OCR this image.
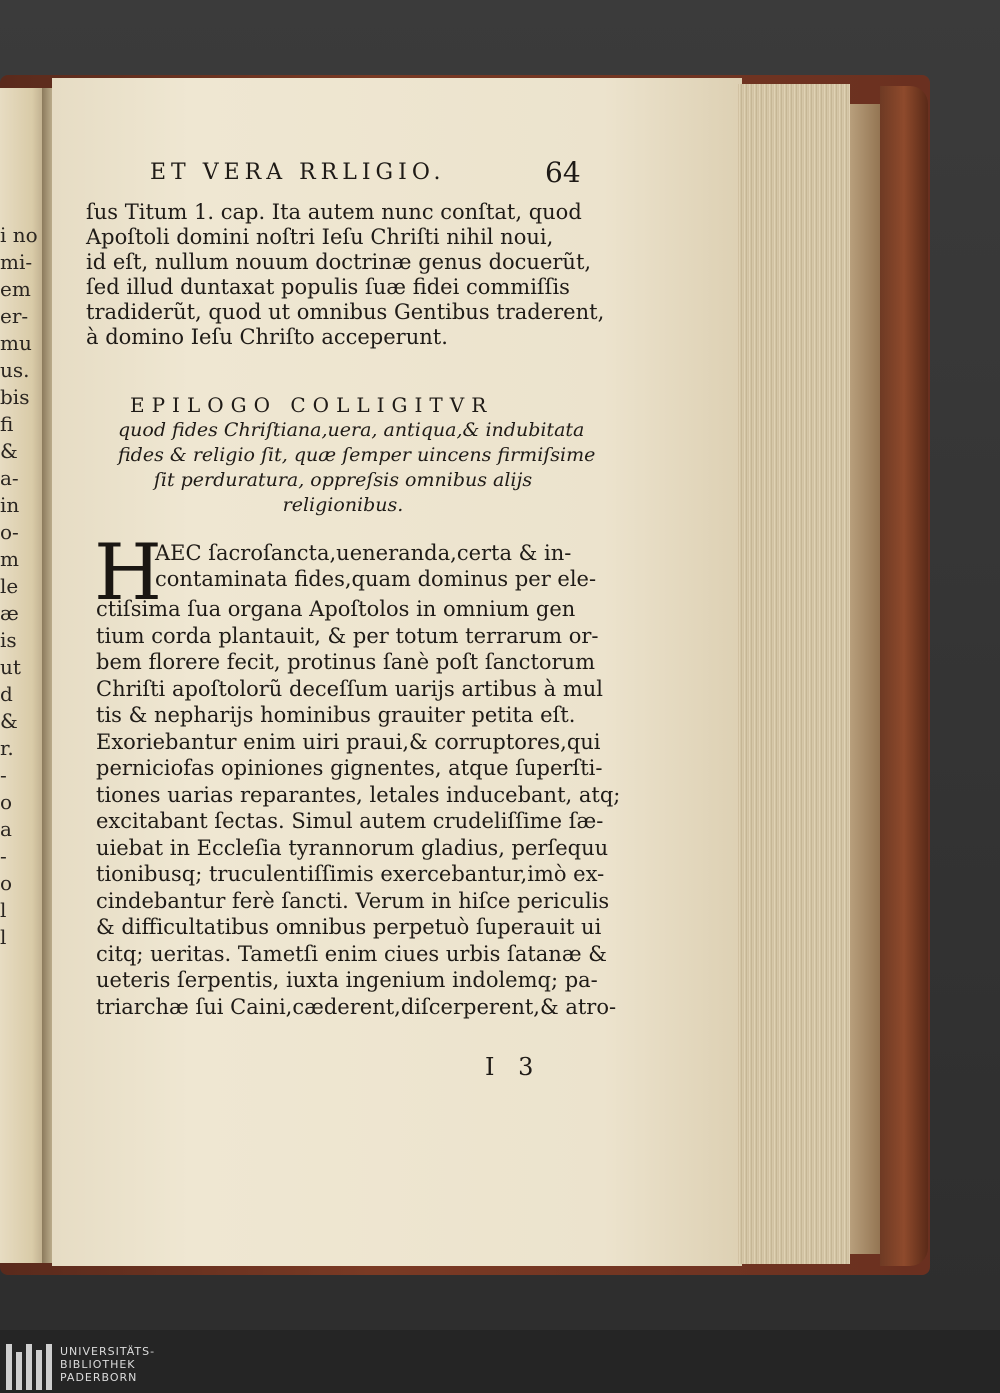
i no
mi-
em
er-
mu
us.
bis
fi
&
a-
in
o-
m
le
æ
is
ut
d
&
r.
-
o
a
-
o
l
l
ET VERA RRLIGIO.	64
ſus Titum 1. cap. Ita autem nunc conſtat, quod
Apoſtoli domini noſtri Ieſu Chriſti nihil noui,
id eſt, nullum nouum doctrinæ genus docuerũt,
ſed illud duntaxat populis ſuæ fidei commiſſis
tradiderũt, quod ut omnibus Gentibus traderent,
à domino Ieſu Chriſto acceperunt.
EPILOGO COLLIGITVR
quod fides Chriſtiana,uera, antiqua,& indubitata
fides & religio ſit, quæ ſemper uincens firmiſsime
ſit perduratura, oppreſsis omnibus alijs
religionibus.
H
AEC ſacroſancta,ueneranda,certa & in-
contaminata fides,quam dominus per ele-
ctiſsima ſua organa Apoſtolos in omnium gen
tium corda plantauit, & per totum terrarum or-
bem florere fecit, protinus ſanè poſt ſanctorum
Chriſti apoſtolorũ deceſſum uarijs artibus à mul
tis & nepharijs hominibus grauiter petita eſt.
Exoriebantur enim uiri praui,& corruptores,qui
perniciofas opiniones gignentes, atque ſuperſti-
tiones uarias reparantes, letales inducebant, atq;
excitabant ſectas. Simul autem crudeliſſime ſæ-
uiebat in Eccleſia tyrannorum gladius, perſequu
tionibusq; truculentiſſimis exercebantur,imò ex-
cindebantur ferè ſancti. Verum in hiſce periculis
& difficultatibus omnibus perpetuò ſuperauit ui
citq; ueritas. Tametſi enim ciues urbis ſatanæ &
ueteris ſerpentis, iuxta ingenium indolemq; pa-
triarchæ ſui Caini,cæderent,diſcerperent,& atro-
I 3
UNIVERSITÄTS-
BIBLIOTHEK
PADERBORN
